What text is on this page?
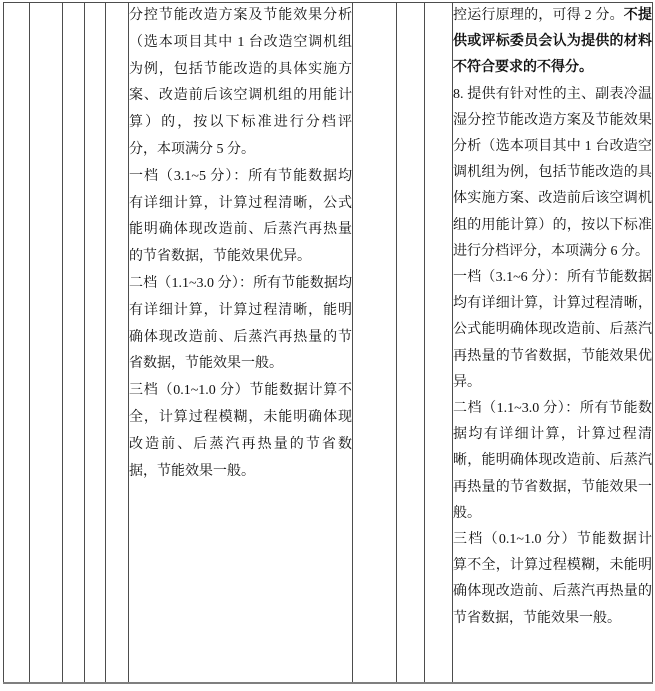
分控节能改造方案及节能效果分析（选本项目其中 1 台改造空调机组为例，包括节能改造的具体实施方案、改造前后该空调机组的用能计算）的，按以下标准进行分档评分，本项满分 5 分。

一档（3.1~5 分）：所有节能数据均有详细计算，计算过程清晰，公式能明确体现改造前、后蒸汽再热量的节省数据，节能效果优异。

二档（1.1~3.0 分）：所有节能数据均有详细计算，计算过程清晰，能明确体现改造前、后蒸汽再热量的节省数据，节能效果一般。

三档（0.1~1.0 分）节能数据计算不全，计算过程模糊，未能明确体现改造前、后蒸汽再热量的节省数据，节能效果一般。

控运行原理的，可得 2 分。不提供或评标委员会认为提供的材料不符合要求的不得分。

8. 提供有针对性的主、副表冷温湿分控节能改造方案及节能效果分析（选本项目其中 1 台改造空调机组为例，包括节能改造的具体实施方案、改造前后该空调机组的用能计算）的，按以下标准进行分档评分，本项满分 6 分。

一档（3.1~6 分）：所有节能数据均有详细计算，计算过程清晰，公式能明确体现改造前、后蒸汽再热量的节省数据，节能效果优异。

二档（1.1~3.0 分）：所有节能数据均有详细计算，计算过程清晰，能明确体现改造前、后蒸汽再热量的节省数据，节能效果一般。

三档（0.1~1.0 分）节能数据计算不全，计算过程模糊，未能明确体现改造前、后蒸汽再热量的节省数据，节能效果一般。
